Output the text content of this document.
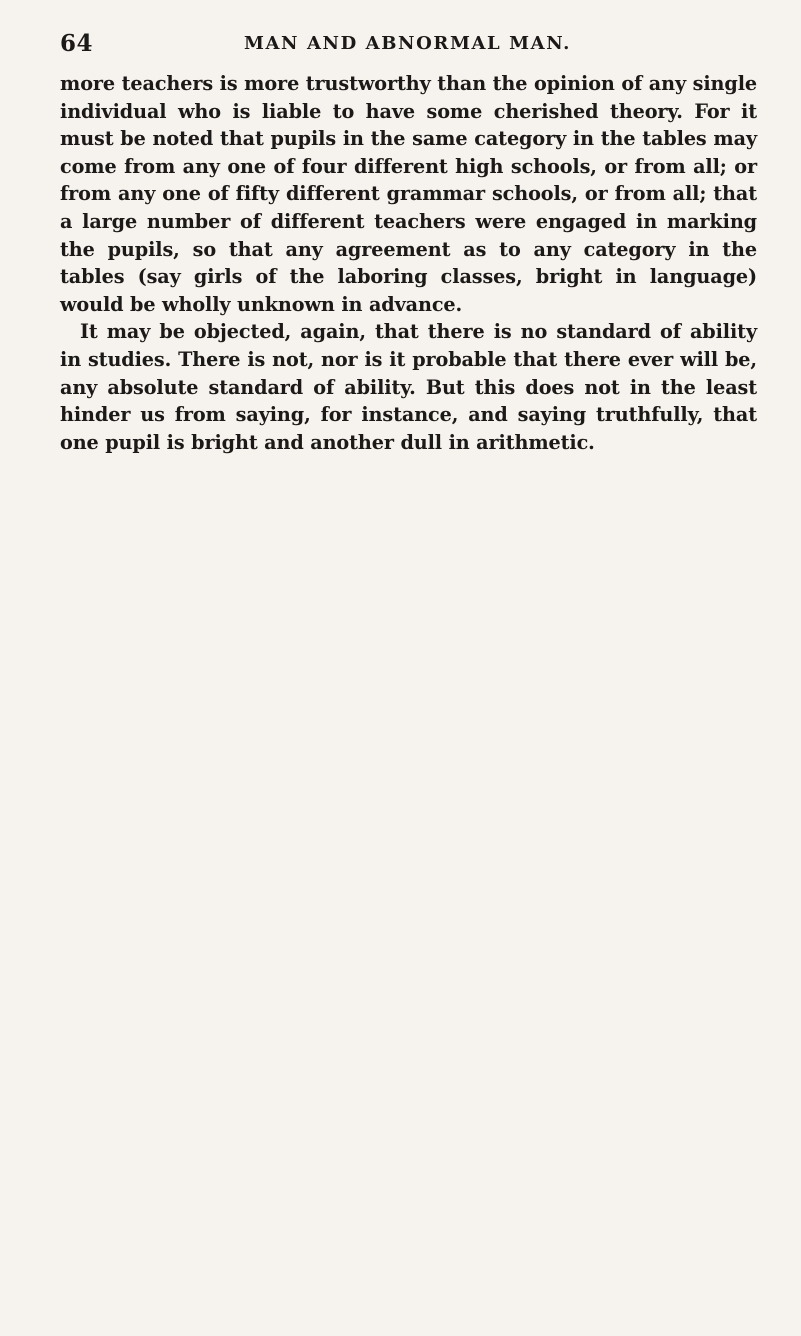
64	MAN AND ABNORMAL MAN.

more teachers is more trustworthy than the opinion of any single individual who is liable to have some cherished theory. For it must be noted that pupils in the same category in the tables may come from any one of four different high schools, or from all; or from any one of fifty different grammar schools, or from all; that a large number of different teachers were engaged in marking the pupils, so that any agreement as to any category in the tables (say girls of the laboring classes, bright in language) would be wholly unknown in advance.

It may be objected, again, that there is no standard of ability in studies. There is not, nor is it probable that there ever will be, any absolute standard of ability. But this does not in the least hinder us from saying, for instance, and saying truthfully, that one pupil is bright and another dull in arithmetic.
